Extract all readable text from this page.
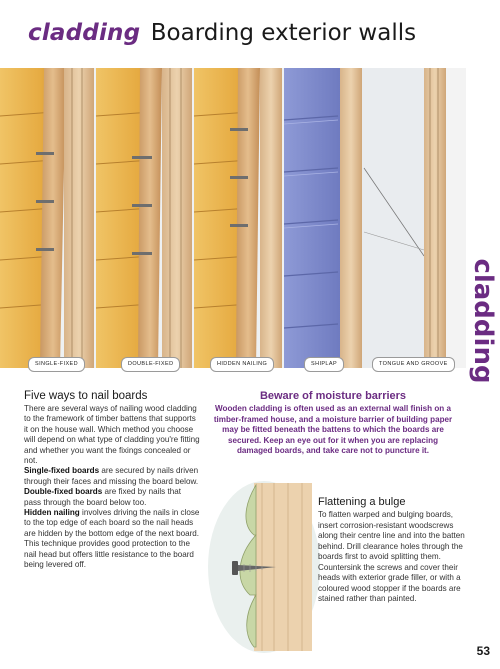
cladding Boarding exterior walls
SINGLE-FIXED	DOUBLE-FIXED	HIDDEN NAILING	SHIPLAP	TONGUE AND GROOVE cladding
Five ways to nail boards

There are several ways of nailing wood cladding to the framework of timber battens that supports it on the house wall. Which method you choose will depend on what type of cladding you're fitting and whether you want the fixings concealed or not.
Single-fixed boards are secured by nails driven through their faces and missing the board below.
Double-fixed boards are fixed by nails that pass through the board below too.
Hidden nailing involves driving the nails in close to the top edge of each board so the nail heads are hidden by the bottom edge of the next board. This technique provides good protection to the nail head but offers little resistance to the board being levered off.

Beware of moisture barriers

Wooden cladding is often used as an external wall finish on a timber-framed house, and a moisture barrier of building paper may be fitted beneath the battens to which the boards are secured. Keep an eye out for it when you are replacing damaged boards, and take care not to puncture it.

Flattening a bulge

To flatten warped and bulging boards, insert corrosion-resistant woodscrews along their centre line and into the batten behind. Drill clearance holes through the boards first to avoid splitting them. Countersink the screws and cover their heads with exterior grade filler, or with a coloured wood stopper if the boards are stained rather than painted.

53
